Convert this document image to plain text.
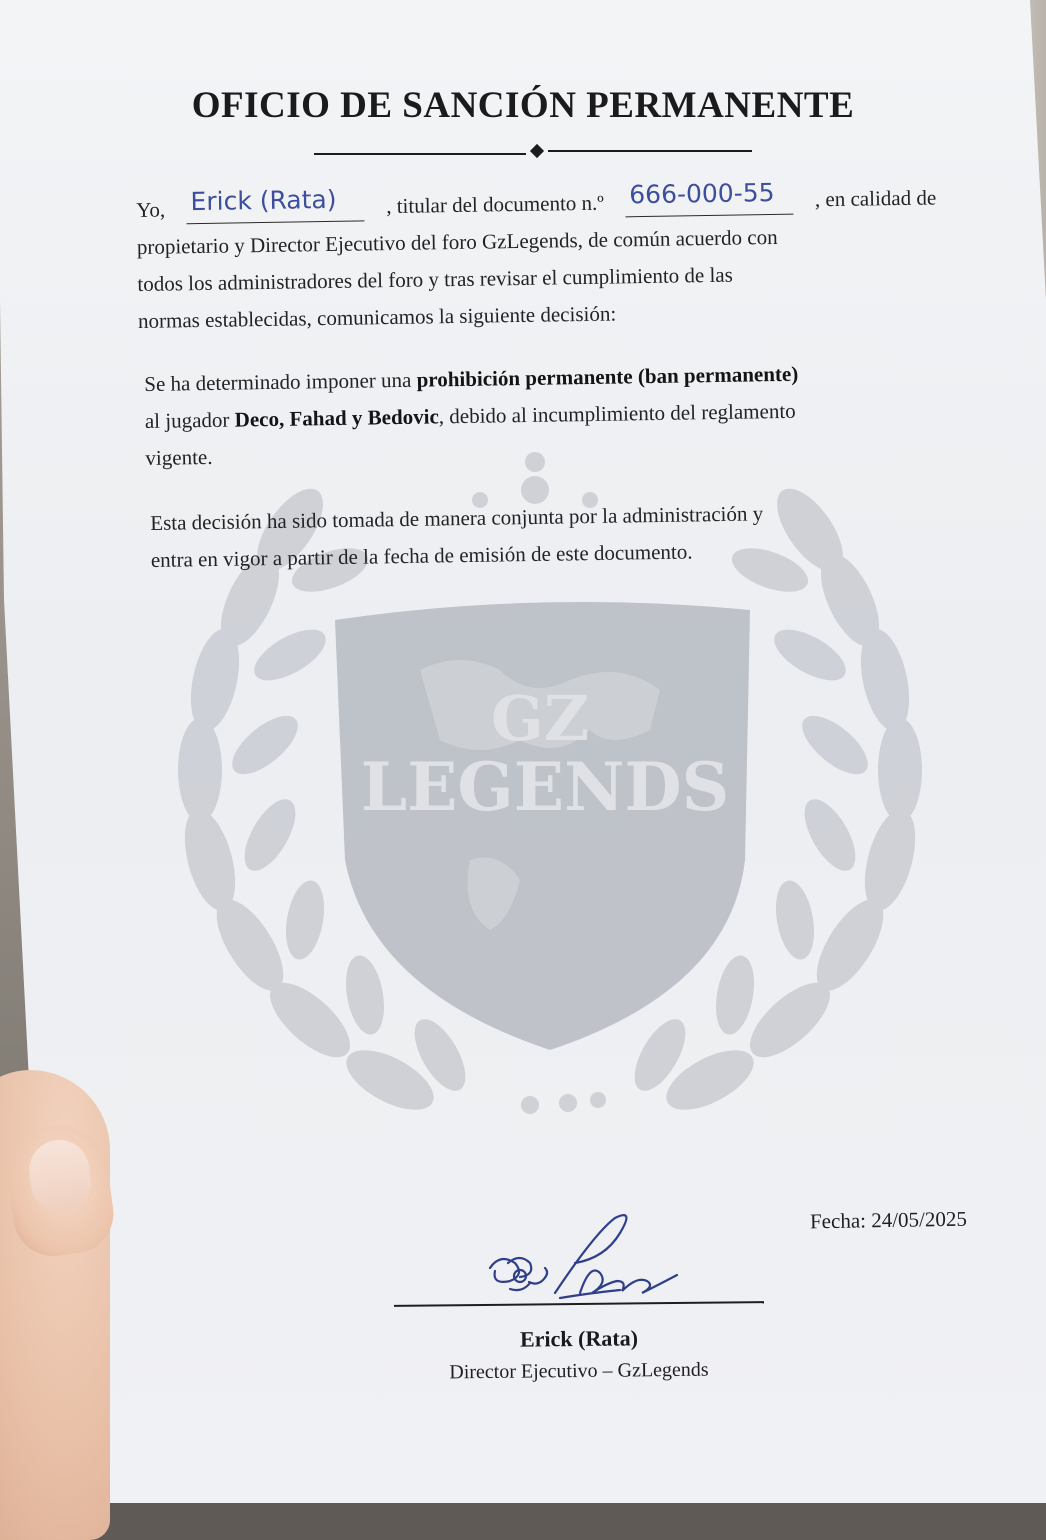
GZ
LEGENDS
OFICIO DE SANCIÓN PERMANENTE
Yo, Erick (Rata)	, titular del documento n.º 666-000-55	, en calidad de
propietario y Director Ejecutivo del foro GzLegends, de común acuerdo con
todos los administradores del foro y tras revisar el cumplimiento de las
normas establecidas, comunicamos la siguiente decisión:
Se ha determinado imponer una prohibición permanente (ban permanente)
al jugador Deco, Fahad y Bedovic, debido al incumplimiento del reglamento
vigente.
Esta decisión ha sido tomada de manera conjunta por la administración y
entra en vigor a partir de la fecha de emisión de este documento.
Fecha: 24/05/2025
Erick (Rata)
Director Ejecutivo – GzLegends
